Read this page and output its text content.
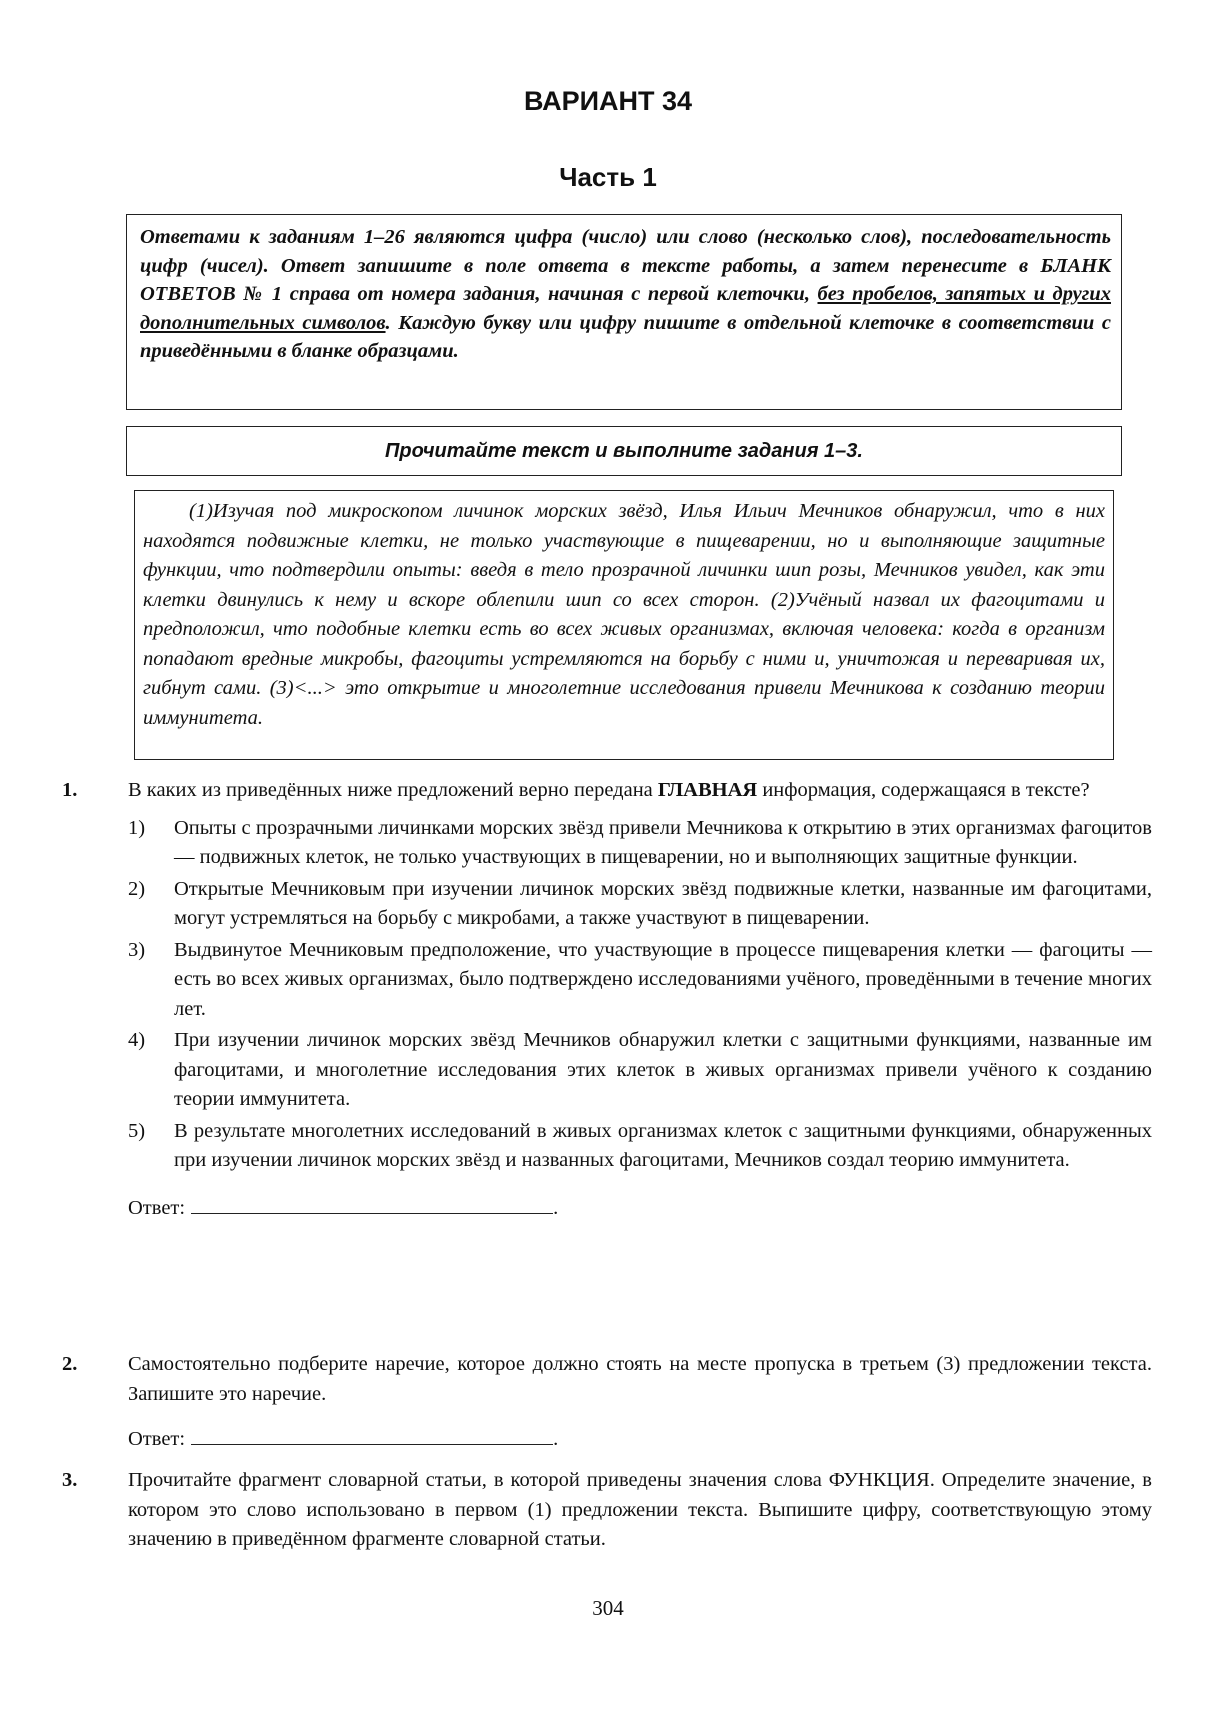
ВАРИАНТ 34
Часть 1
Ответами к заданиям 1–26 являются цифра (число) или слово (несколько слов), последовательность цифр (чисел). Ответ запишите в поле ответа в тексте работы, а затем перенесите в БЛАНК ОТВЕТОВ № 1 справа от номера задания, начиная с первой клеточки, без пробелов, запятых и других дополнительных символов. Каждую букву или цифру пишите в отдельной клеточке в соответствии с приведёнными в бланке образцами.
Прочитайте текст и выполните задания 1–3.

(1)Изучая под микроскопом личинок морских звёзд, Илья Ильич Мечников обнаружил, что в них находятся подвижные клетки, не только участвующие в пищеварении, но и выполняющие защитные функции, что подтвердили опыты: введя в тело прозрачной личинки шип розы, Мечников увидел, как эти клетки двинулись к нему и вскоре облепили шип со всех сторон. (2)Учёный назвал их фагоцитами и предположил, что подобные клетки есть во всех живых организмах, включая человека: когда в организм попадают вредные микробы, фагоциты устремляются на борьбу с ними и, уничтожая и переваривая их, гибнут сами. (3)<...> это открытие и многолетние исследования привели Мечникова к созданию теории иммунитета.

1. В каких из приведённых ниже предложений верно передана ГЛАВНАЯ информация, содержащаяся в тексте?
1) Опыты с прозрачными личинками морских звёзд привели Мечникова к открытию в этих организмах фагоцитов — подвижных клеток, не только участвующих в пищеварении, но и выполняющих защитные функции.
2) Открытые Мечниковым при изучении личинок морских звёзд подвижные клетки, названные им фагоцитами, могут устремляться на борьбу с микробами, а также участвуют в пищеварении.
3) Выдвинутое Мечниковым предположение, что участвующие в процессе пищеварения клетки — фагоциты — есть во всех живых организмах, было подтверждено исследованиями учёного, проведёнными в течение многих лет.
4) При изучении личинок морских звёзд Мечников обнаружил клетки с защитными функциями, названные им фагоцитами, и многолетние исследования этих клеток в живых организмах привели учёного к созданию теории иммунитета.
5) В результате многолетних исследований в живых организмах клеток с защитными функциями, обнаруженных при изучении личинок морских звёзд и названных фагоцитами, Мечников создал теорию иммунитета.
Ответ:	.
2. Самостоятельно подберите наречие, которое должно стоять на месте пропуска в третьем (3) предложении текста. Запишите это наречие.
Ответ:	.
3. Прочитайте фрагмент словарной статьи, в которой приведены значения слова ФУНКЦИЯ. Определите значение, в котором это слово использовано в первом (1) предложении текста. Выпишите цифру, соответствующую этому значению в приведённом фрагменте словарной статьи.
304
